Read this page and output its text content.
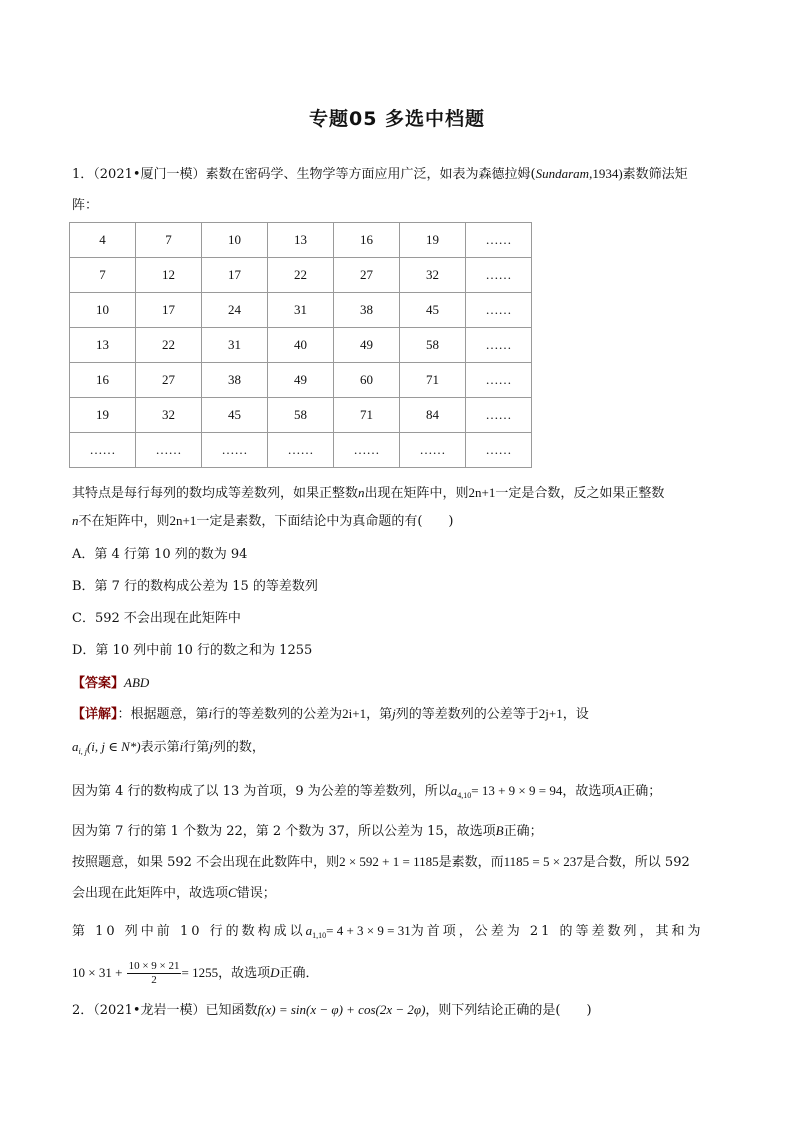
专题05 多选中档题
1．（2021•厦门一模）素数在密码学、生物学等方面应用广泛，如表为森德拉姆(Sundaram,1934)素数筛法矩
阵：
4	7	10	13	16	19	……
7	12	17	22	27	32	……
10	17	24	31	38	45	……
13	22	31	40	49	58	……
16	27	38	49	60	71	……
19	32	45	58	71	84	……
……	……	……	……	……	……	……
其特点是每行每列的数均成等差数列，如果正整数n出现在矩阵中，则2n+1一定是合数，反之如果正整数
n不在矩阵中，则2n+1一定是素数，下面结论中为真命题的有(　　)
A．第 4 行第 10 列的数为 94
B．第 7 行的数构成公差为 15 的等差数列
C．592 不会出现在此矩阵中
D．第 10 列中前 10 行的数之和为 1255
【答案】ABD
【详解】：根据题意，第i行的等差数列的公差为2i+1，第j列的等差数列的公差等于2j+1，设
$a_{i, j}(i$, j ∈ N*)表示第i行第j列的数，
因为第 4 行的数构成了以 13 为首项，9 为公差的等差数列，所以$a_{4,10}= 13 + 9 \times 9 = 94$，故选项A正确；
因为第 7 行的第 1 个数为 22，第 2 个数为 37，所以公差为 15，故选项B正确；
按照题意，如果 592 不会出现在此数阵中，则2 × 592 + 1 = 1185是素数，而1185 = 5 × 237是合数，所以 592
会出现在此矩阵中，故选项C错误；
第 10 列中前 10 行的数构成以$a_{1,10}= 4 + 3 \times 9 = 31$为首项，公差为 21 的等差数列，其和为
$10 \times 31 + \frac{10 \times 9 \times 21}{2} = 1255$，故选项D正确．
2．（2021•龙岩一模）已知函数f(x) = sin(x − φ) + cos(2x − 2φ)，则下列结论正确的是(　　)
